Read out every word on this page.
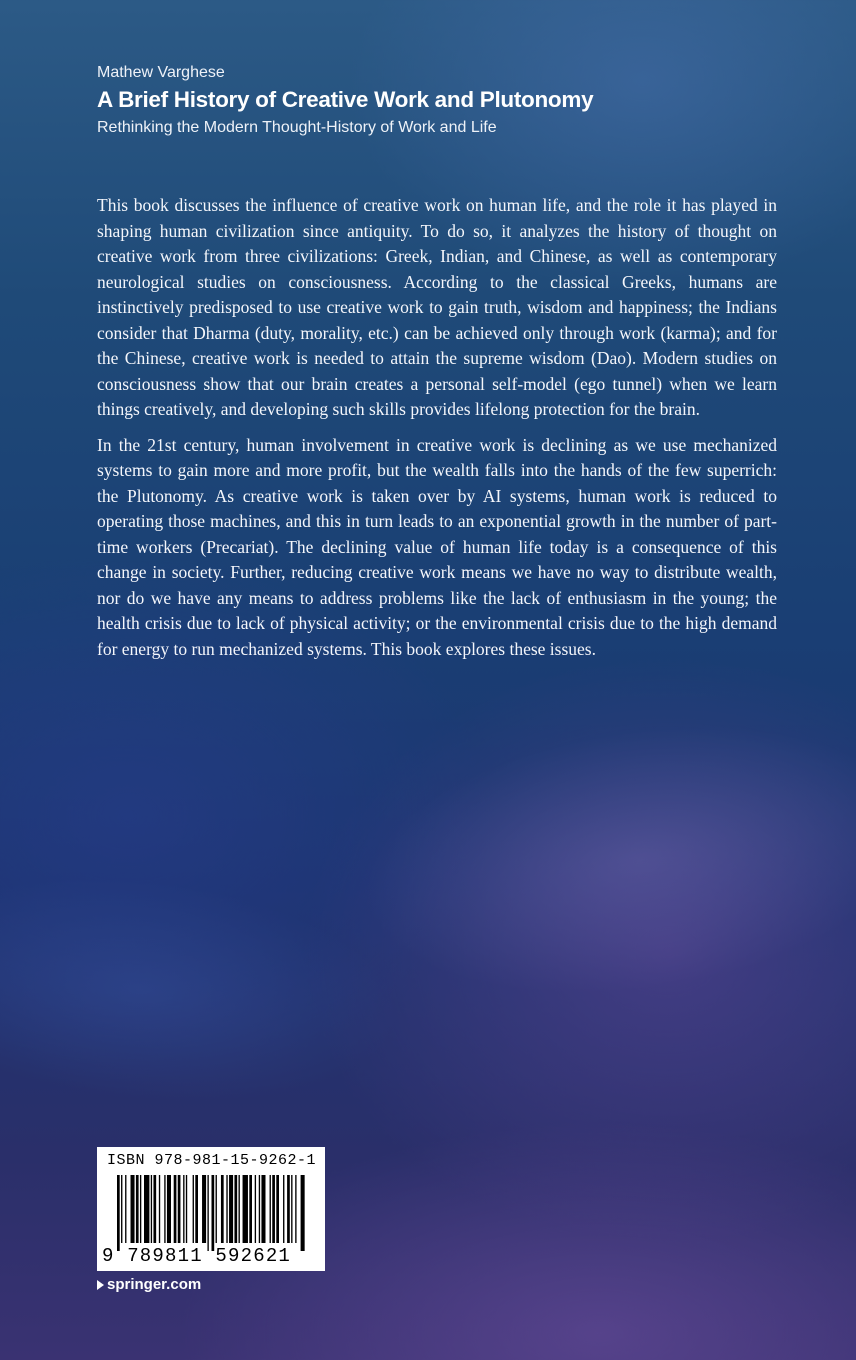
Mathew Varghese
A Brief History of Creative Work and Plutonomy
Rethinking the Modern Thought-History of Work and Life

This book discusses the influence of creative work on human life, and the role it has played in shaping human civilization since antiquity. To do so, it analyzes the history of thought on creative work from three civilizations: Greek, Indian, and Chinese, as well as contemporary neurological studies on consciousness. According to the classical Greeks, humans are instinctively predisposed to use creative work to gain truth, wisdom and happiness; the Indians consider that Dharma (duty, morality, etc.) can be achieved only through work (karma); and for the Chinese, creative work is needed to attain the supreme wisdom (Dao). Modern studies on consciousness show that our brain creates a personal self-model (ego tunnel) when we learn things creatively, and developing such skills provides lifelong protection for the brain.

In the 21st century, human involvement in creative work is declining as we use mechanized systems to gain more and more profit, but the wealth falls into the hands of the few superrich: the Plutonomy. As creative work is taken over by AI systems, human work is reduced to operating those machines, and this in turn leads to an exponential growth in the number of part-time workers (Precariat). The declining value of human life today is a consequence of this change in society. Further, reducing creative work means we have no way to distribute wealth, nor do we have any means to address problems like the lack of enthusiasm in the young; the health crisis due to lack of physical activity; or the environmental crisis due to the high demand for energy to run mechanized systems. This book explores these issues.

ISBN 978-981-15-9262-1
9 789811 592621
springer.com
